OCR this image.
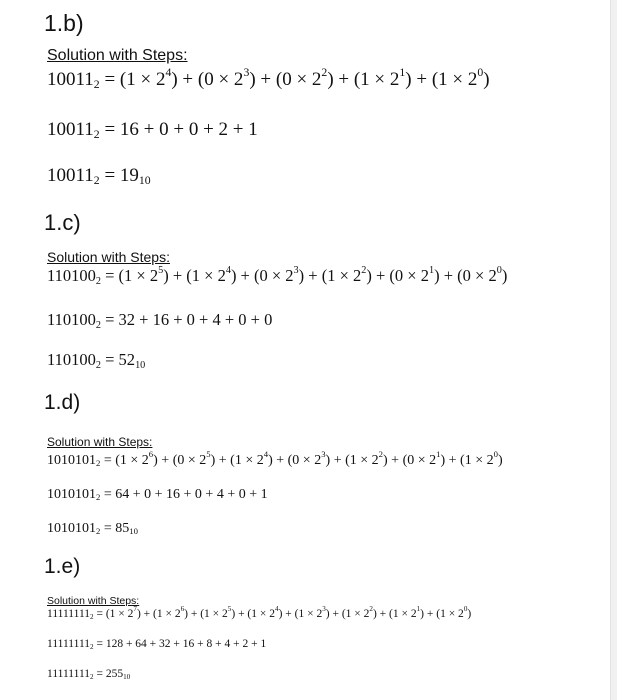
1.b)
Solution with Steps:
$10011_2 = (1 \times 2^4) + (0 \times 2^3) + (0 \times 2^2) + (1 \times 2^1) + (1 \times 2^0)$
$10011_2 = 16 + 0 + 0 + 2 + 1$
$10011_2 = 19_{10}$
1.c)
Solution with Steps:
$110100_2 = (1 \times 2^5) + (1 \times 2^4) + (0 \times 2^3) + (1 \times 2^2) + (0 \times 2^1) + (0 \times 2^0)$
$110100_2 = 32 + 16 + 0 + 4 + 0 + 0$
$110100_2 = 52_{10}$
1.d)
Solution with Steps:
$1010101_2 = (1 \times 2^6) + (0 \times 2^5) + (1 \times 2^4) + (0 \times 2^3) + (1 \times 2^2) + (0 \times 2^1) + (1 \times 2^0)$
$1010101_2 = 64 + 0 + 16 + 0 + 4 + 0 + 1$
$1010101_2 = 85_{10}$
1.e)
Solution with Steps:
$11111111_2 = (1 \times 2^7) + (1 \times 2^6) + (1 \times 2^5) + (1 \times 2^4) + (1 \times 2^3) + (1 \times 2^2) + (1 \times 2^1) + (1 \times 2^0)$
$11111111_2 = 128 + 64 + 32 + 16 + 8 + 4 + 2 + 1$
$11111111_2 = 255_{10}$
